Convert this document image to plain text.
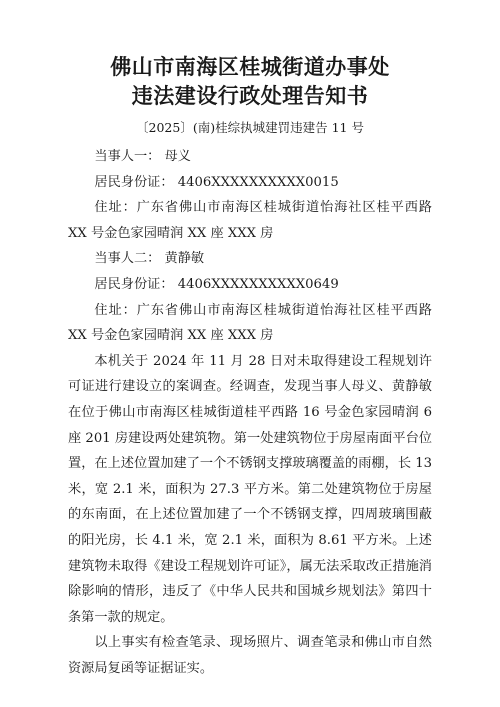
佛山市南海区桂城街道办事处
违法建设行政处理告知书
〔2025〕(南)桂综执城建罚违建告 11 号

当事人一： 母义

居民身份证： 4406XXXXXXXXXX0015

住址：广东省佛山市南海区桂城街道怡海社区桂平西路 XX 号金色家园晴润 XX 座 XXX 房

当事人二： 黄静敏

居民身份证： 4406XXXXXXXXXX0649

住址：广东省佛山市南海区桂城街道怡海社区桂平西路 XX 号金色家园晴润 XX 座 XXX 房

本机关于 2024 年 11 月 28 日对未取得建设工程规划许可证进行建设立的案调查。经调查，发现当事人母义、黄静敏在位于佛山市南海区桂城街道桂平西路 16 号金色家园晴润 6 座 201 房建设两处建筑物。第一处建筑物位于房屋南面平台位置，在上述位置加建了一个不锈钢支撑玻璃覆盖的雨棚，长 13 米，宽 2.1 米，面积为 27.3 平方米。第二处建筑物位于房屋的东南面，在上述位置加建了一个不锈钢支撑，四周玻璃围蔽的阳光房，长 4.1 米，宽 2.1 米，面积为 8.61 平方米。上述建筑物未取得《建设工程规划许可证》，属无法采取改正措施消除影响的情形，违反了《中华人民共和国城乡规划法》第四十条第一款的规定。

以上事实有检查笔录、现场照片、调查笔录和佛山市自然资源局复函等证据证实。
